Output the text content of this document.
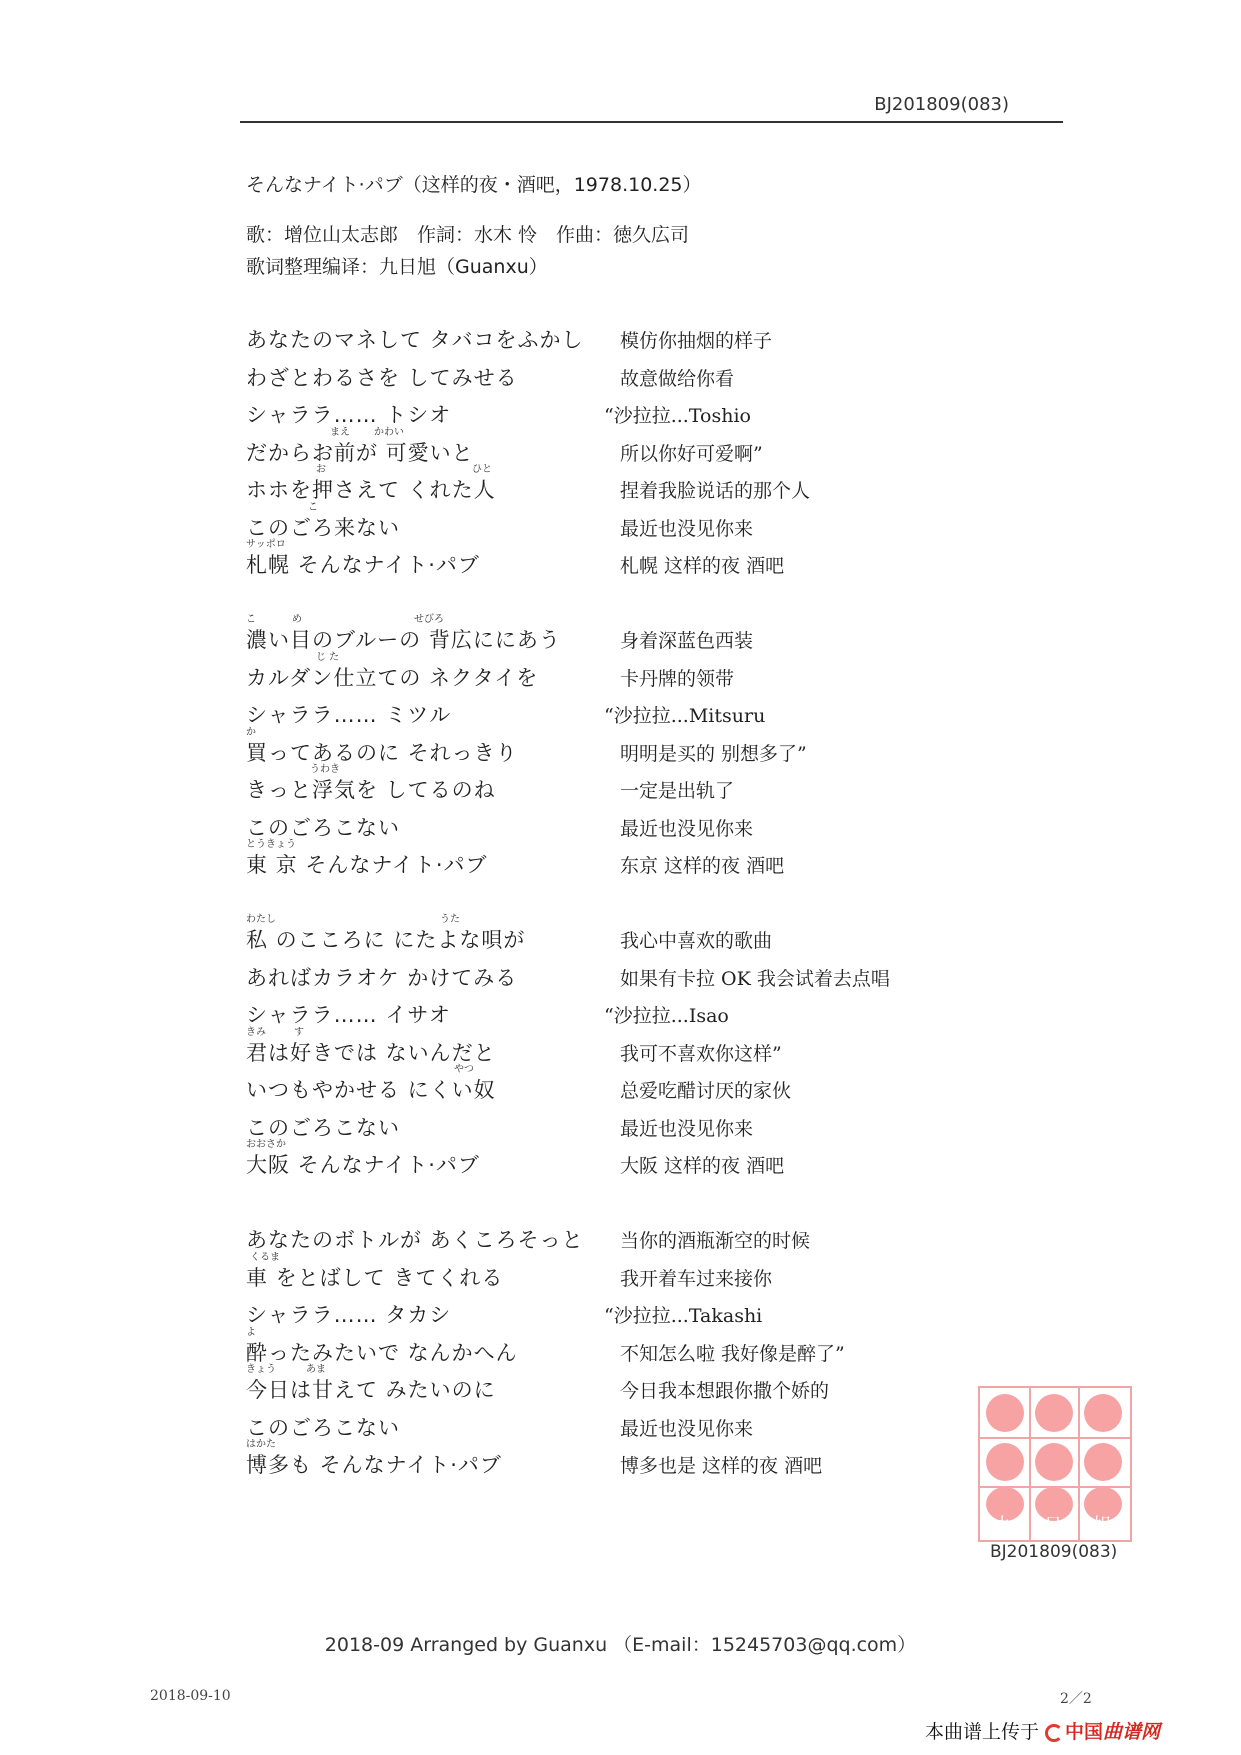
BJ201809(083)
そんなナイト·パブ（这样的夜・酒吧，1978.10.25）
歌：增位山太志郎　作詞：水木 怜　作曲：徳久広司
歌词整理编译：九日旭（Guanxu）
あなたのマネして タバコをふかし 模仿你抽烟的样子
わざとわるさを してみせる	故意做给你看
シャララ…… トシオ	“沙拉拉...Toshio
まえ かわい
だからお前が 可愛いと	所以你好可爱啊”
お	ひと
ホホを押さえて くれた人	捏着我脸说话的那个人
こ
このごろ来ない	最近也没见你来
サッポロ
札幌 そんなナイト·パブ	札幌 这样的夜 酒吧
こ	め	せびろ
濃い目のブルーの 背広ににあう	身着深蓝色西装
じ た
カルダン仕立ての ネクタイを	卡丹牌的领带
シャララ…… ミツル	“沙拉拉...Mitsuru
か
買ってあるのに それっきり	明明是买的 别想多了”
うわき
きっと浮気を してるのね	一定是出轨了
このごろこない	最近也没见你来
とうきょう
東 京 そんなナイト·パブ	东京 这样的夜 酒吧
わたし	うた
私 のこころに にたよな唄が	我心中喜欢的歌曲
あればカラオケ かけてみる	如果有卡拉 OK 我会试着去点唱
シャララ…… イサオ	“沙拉拉...Isao
きみ	す
君は好きでは ないんだと	我可不喜欢你这样”
やつ
いつもやかせる にくい奴	总爱吃醋讨厌的家伙
このごろこない	最近也没见你来
おおさか
大阪 そんなナイト·パブ	大阪 这样的夜 酒吧
あなたのボトルが あくころそっと 当你的酒瓶渐空的时候
くるま
車 をとばして きてくれる	我开着车过来接你
シャララ…… タカシ	“沙拉拉...Takashi
よ
酔ったみたいで なんかへん	不知怎么啦 我好像是醉了”
きょう	あま
今日は甘えて みたいのに	今日我本想跟你撒个娇的
このごろこない	最近也没见你来
はかた
博多も そんなナイト·パブ	博多也是 这样的夜 酒吧
九 日 旭
BJ201809(083)
2018-09 Arranged by Guanxu （E-mail：15245703@qq.com）
2018-09-10	2／2
本曲谱上传于 中国曲谱网
